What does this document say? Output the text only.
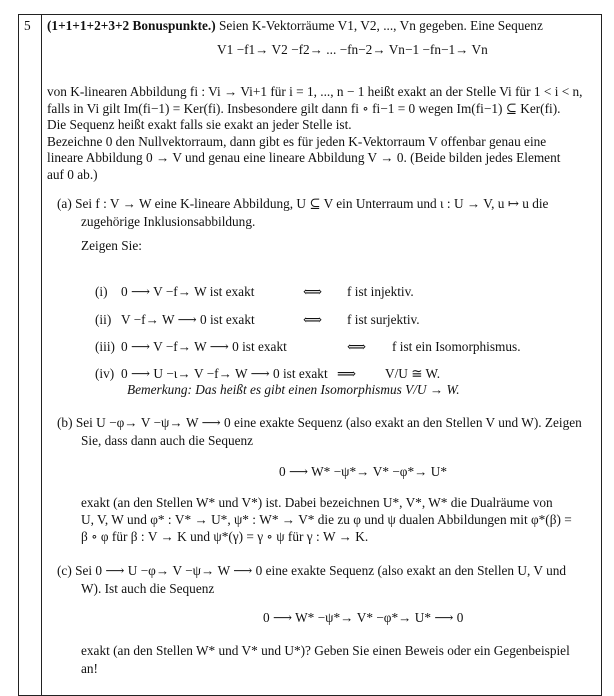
5 (1+1+1+2+3+2 Bonuspunkte.) Seien K-Vektorräume V1, V2, ..., Vn gegeben. Eine Sequenz
V1 −f1→ V2 −f2→ ... −fn−2→ Vn−1 −fn−1→ Vn
von K-linearen Abbildung fi : Vi → Vi+1 für i = 1, ..., n − 1 heißt exakt an der Stelle Vi für 1 < i < n,
falls in Vi gilt Im(fi−1) = Ker(fi). Insbesondere gilt dann fi ∘ fi−1 = 0 wegen Im(fi−1) ⊆ Ker(fi).
Die Sequenz heißt exakt falls sie exakt an jeder Stelle ist.
Bezeichne 0 den Nullvektorraum, dann gibt es für jeden K-Vektorraum V offenbar genau eine
lineare Abbildung 0 → V und genau eine lineare Abbildung V → 0. (Beide bilden jedes Element
auf 0 ab.)
(a) Sei f : V → W eine K-lineare Abbildung, U ⊆ V ein Unterraum und ι : U → V, u ↦ u die
zugehörige Inklusionsabbildung.
Zeigen Sie:
(i) 0 ⟶ V −f→ W ist exakt	⟺ f ist injektiv.
(ii) V −f→ W ⟶ 0 ist exakt	⟺ f ist surjektiv.
(iii) 0 ⟶ V −f→ W ⟶ 0 ist exakt	⟺ f ist ein Isomorphismus.
(iv) 0 ⟶ U −ι→ V −f→ W ⟶ 0 ist exakt ⟹ V/U ≅ W.
Bemerkung: Das heißt es gibt einen Isomorphismus V/U → W.
(b) Sei U −φ→ V −ψ→ W ⟶ 0 eine exakte Sequenz (also exakt an den Stellen V und W). Zeigen
Sie, dass dann auch die Sequenz
0 ⟶ W* −ψ*→ V* −φ*→ U*
exakt (an den Stellen W* und V*) ist. Dabei bezeichnen U*, V*, W* die Dualräume von
U, V, W und φ* : V* → U*, ψ* : W* → V* die zu φ und ψ dualen Abbildungen mit φ*(β) =
β ∘ φ für β : V → K und ψ*(γ) = γ ∘ ψ für γ : W → K.
(c) Sei 0 ⟶ U −φ→ V −ψ→ W ⟶ 0 eine exakte Sequenz (also exakt an den Stellen U, V und
W). Ist auch die Sequenz
0 ⟶ W* −ψ*→ V* −φ*→ U* ⟶ 0
exakt (an den Stellen W* und V* und U*)? Geben Sie einen Beweis oder ein Gegenbeispiel
an!
